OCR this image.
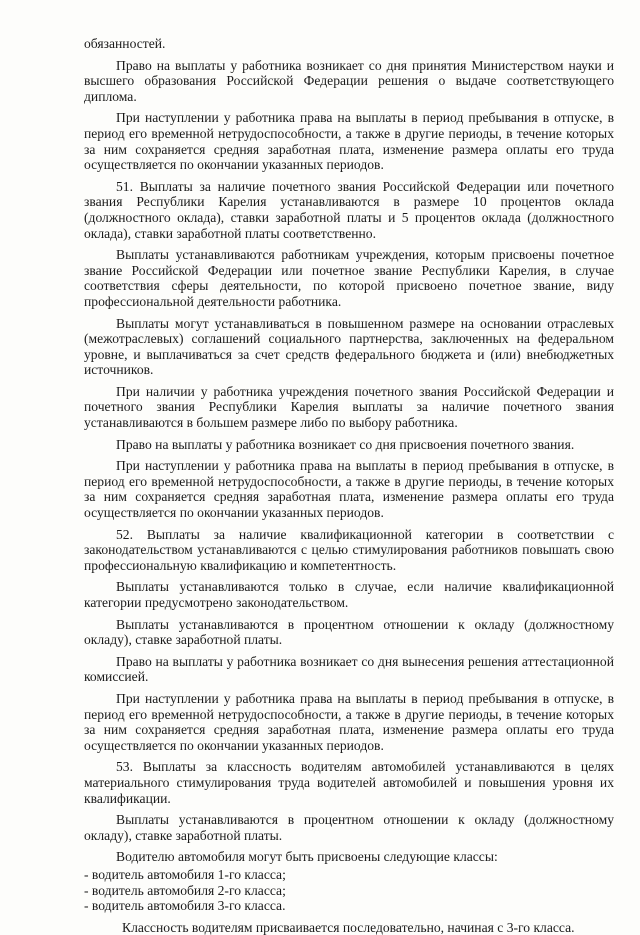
обязанностей.

Право на выплаты у работника возникает со дня принятия Министерством науки и высшего образования Российской Федерации решения о выдаче соответствующего диплома.

При наступлении у работника права на выплаты в период пребывания в отпуске, в период его временной нетрудоспособности, а также в другие периоды, в течение которых за ним сохраняется средняя заработная плата, изменение размера оплаты его труда осуществляется по окончании указанных периодов.

51. Выплаты за наличие почетного звания Российской Федерации или почетного звания Республики Карелия устанавливаются в размере 10 процентов оклада (должностного оклада), ставки заработной платы и 5 процентов оклада (должностного оклада), ставки заработной платы соответственно.

Выплаты устанавливаются работникам учреждения, которым присвоены почетное звание Российской Федерации или почетное звание Республики Карелия, в случае соответствия сферы деятельности, по которой присвоено почетное звание, виду профессиональной деятельности работника.

Выплаты могут устанавливаться в повышенном размере на основании отраслевых (межотраслевых) соглашений социального партнерства, заключенных на федеральном уровне, и выплачиваться за счет средств федерального бюджета и (или) внебюджетных источников.

При наличии у работника учреждения почетного звания Российской Федерации и почетного звания Республики Карелия выплаты за наличие почетного звания устанавливаются в большем размере либо по выбору работника.

Право на выплаты у работника возникает со дня присвоения почетного звания.

При наступлении у работника права на выплаты в период пребывания в отпуске, в период его временной нетрудоспособности, а также в другие периоды, в течение которых за ним сохраняется средняя заработная плата, изменение размера оплаты его труда осуществляется по окончании указанных периодов.

52. Выплаты за наличие квалификационной категории в соответствии с законодательством устанавливаются с целью стимулирования работников повышать свою профессиональную квалификацию и компетентность.

Выплаты устанавливаются только в случае, если наличие квалификационной категории предусмотрено законодательством.

Выплаты устанавливаются в процентном отношении к окладу (должностному окладу), ставке заработной платы.

Право на выплаты у работника возникает со дня вынесения решения аттестационной комиссией.

При наступлении у работника права на выплаты в период пребывания в отпуске, в период его временной нетрудоспособности, а также в другие периоды, в течение которых за ним сохраняется средняя заработная плата, изменение размера оплаты его труда осуществляется по окончании указанных периодов.

53. Выплаты за классность водителям автомобилей устанавливаются в целях материального стимулирования труда водителей автомобилей и повышения уровня их квалификации.

Выплаты устанавливаются в процентном отношении к окладу (должностному окладу), ставке заработной платы.

Водителю автомобиля могут быть присвоены следующие классы:

- водитель автомобиля 1-го класса;

- водитель автомобиля 2-го класса;

- водитель автомобиля 3-го класса.

Классность водителям присваивается последовательно, начиная с 3-го класса.
